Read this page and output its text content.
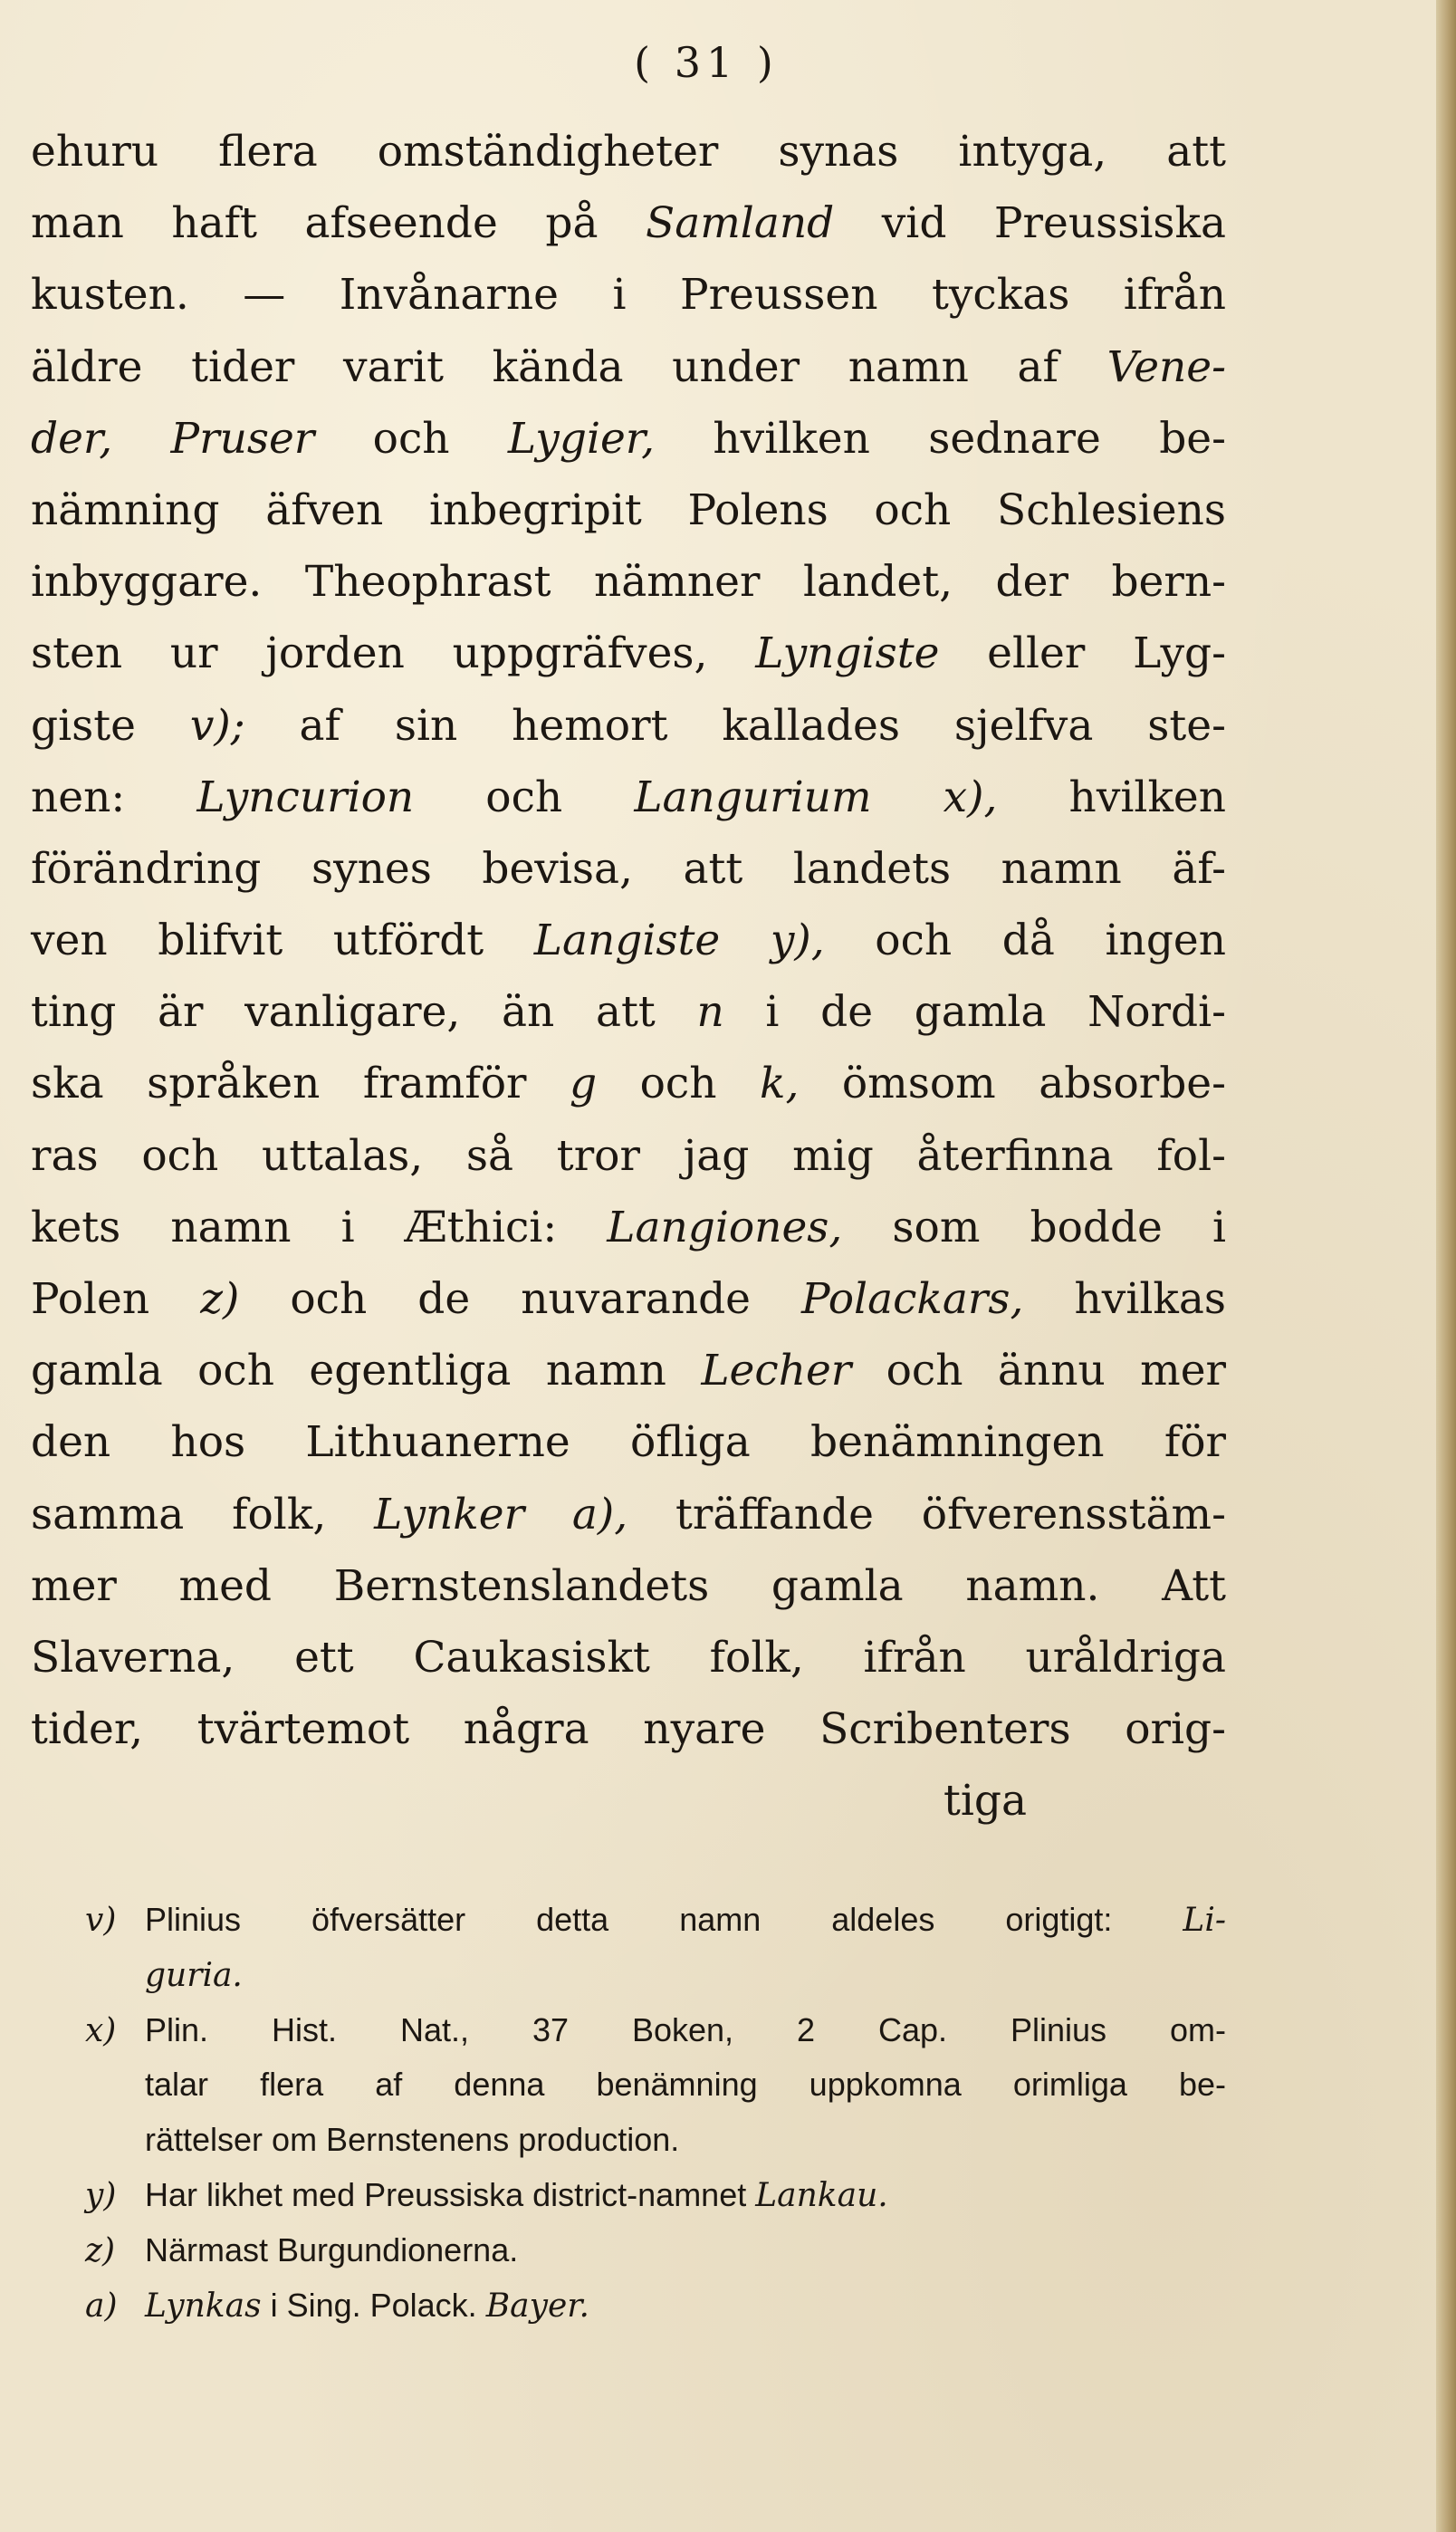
( 31 )
ehuru flera omständigheter synas intyga, att
man haft afseende på Samland vid Preussiska
kusten. — Invånarne i Preussen tyckas ifrån
äldre tider varit kända under namn af Vene-
der, Pruser och Lygier, hvilken sednare be-
nämning äfven inbegripit Polens och Schlesiens
inbyggare. Theophrast nämner landet, der bern-
sten ur jorden uppgräfves, Lyngiste eller Lyg-
giste v); af sin hemort kallades sjelfva ste-
nen: Lyncurion och Langurium x), hvilken
förändring synes bevisa, att landets namn äf-
ven blifvit utfördt Langiste y), och då ingen
ting är vanligare, än att n i de gamla Nordi-
ska språken framför g och k, ömsom absorbe-
ras och uttalas, så tror jag mig återfinna fol-
kets namn i Æthici: Langiones, som bodde i
Polen z) och de nuvarande Polackars, hvilkas
gamla och egentliga namn Lecher och ännu mer
den hos Lithuanerne öfliga benämningen för
samma folk, Lynker a), träffande öfverensstäm-
mer med Bernstenslandets gamla namn. Att
Slaverna, ett Caukasiskt folk, ifrån uråldriga
tider, tvärtemot några nyare Scribenters orig-
tiga
v) Plinius öfversätter detta namn aldeles origtigt: Li-
guria.
x) Plin. Hist. Nat., 37 Boken, 2 Cap. Plinius om-
talar flera af denna benämning uppkomna orimliga be-
rättelser om Bernstenens production.
y) Har likhet med Preussiska district-namnet Lankau.
z) Närmast Burgundionerna.
a) Lynkas i Sing. Polack. Bayer.
